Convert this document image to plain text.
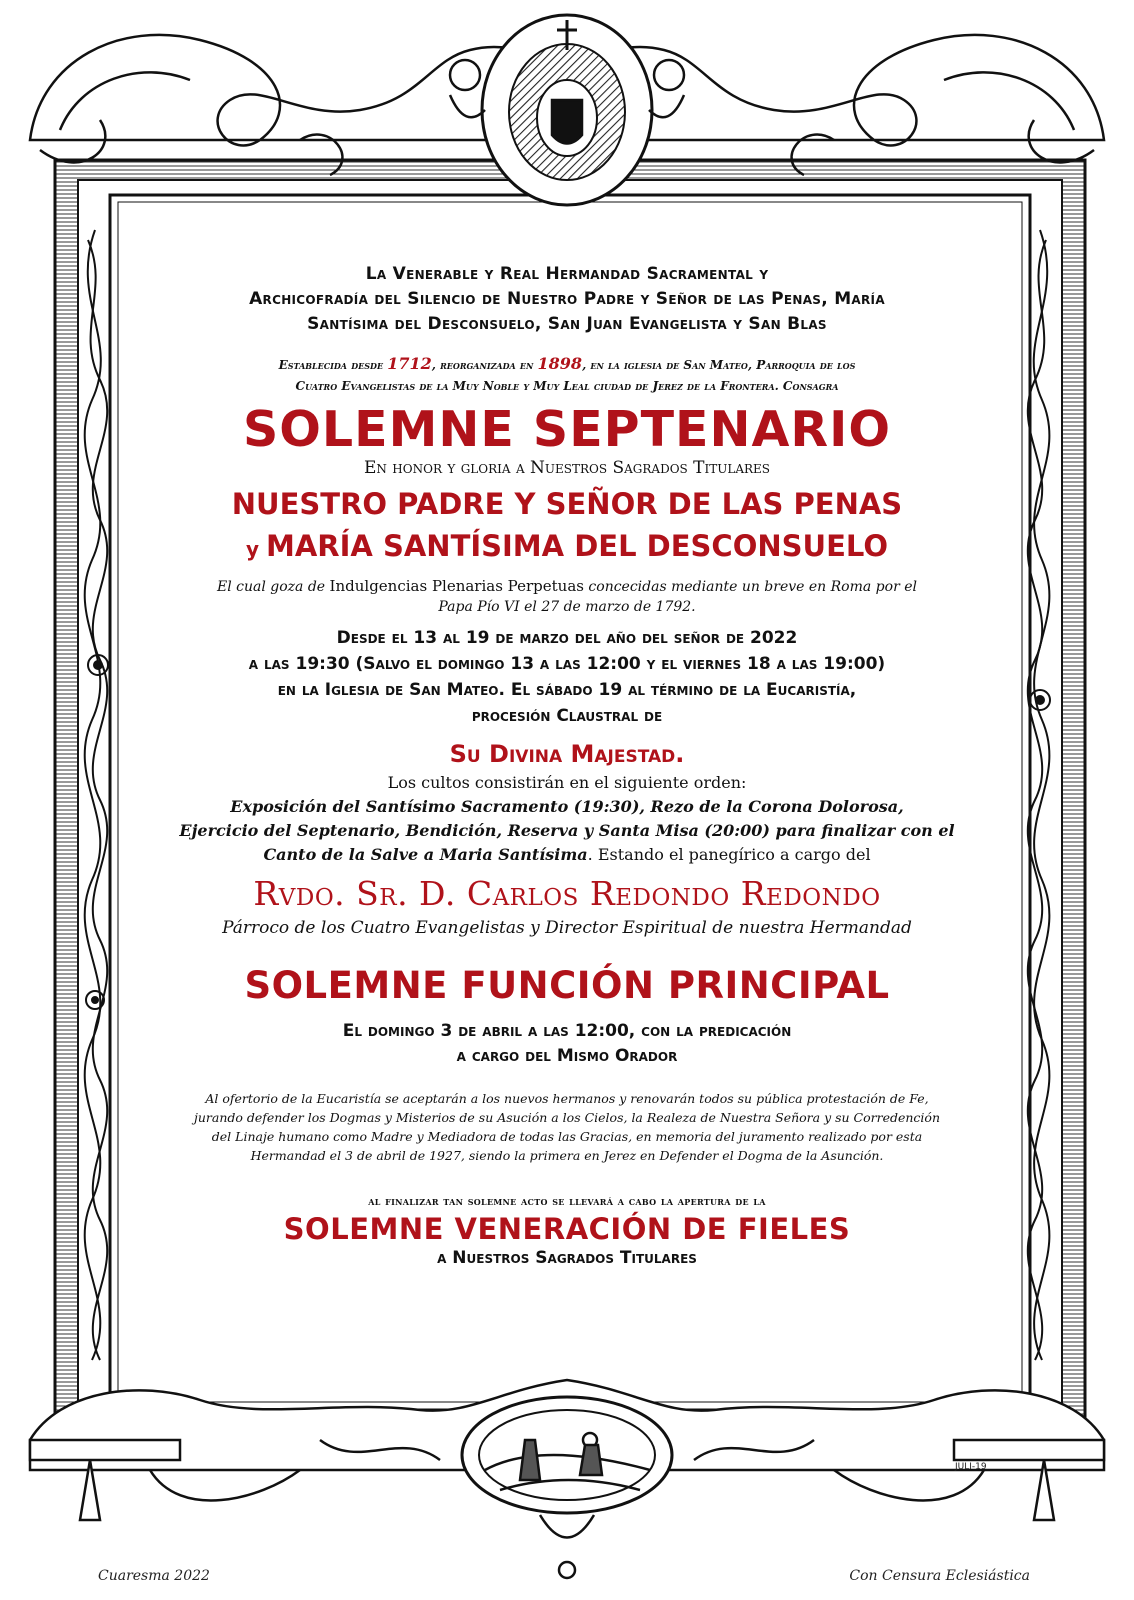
La Venerable y Real Hermandad Sacramental y
Archicofradía del Silencio de Nuestro Padre y Señor de las Penas, María
Santísima del Desconsuelo, San Juan Evangelista y San Blas
Establecida desde 1712, reorganizada en 1898, en la iglesia de San Mateo, Parroquia de los
Cuatro Evangelistas de la Muy Noble y Muy Leal ciudad de Jerez de la Frontera. Consagra
SOLEMNE SEPTENARIO
En honor y gloria a Nuestros Sagrados Titulares
NUESTRO PADRE Y SEÑOR DE LAS PENAS
y MARÍA SANTÍSIMA DEL DESCONSUELO
El cual goza de Indulgencias Plenarias Perpetuas concecidas mediante un breve en Roma por el
Papa Pío VI el 27 de marzo de 1792.
Desde el 13 al 19 de marzo del año del señor de 2022
a las 19:30 (Salvo el domingo 13 a las 12:00 y el viernes 18 a las 19:00)
en la Iglesia de San Mateo. El sábado 19 al término de la Eucaristía,
procesión Claustral de
Su Divina Majestad.
Los cultos consistirán en el siguiente orden:
Exposición del Santísimo Sacramento (19:30), Rezo de la Corona Dolorosa,
Ejercicio del Septenario, Bendición, Reserva y Santa Misa (20:00) para finalizar con el
Canto de la Salve a Maria Santísima. Estando el panegírico a cargo del
Rvdo. Sr. D. Carlos Redondo Redondo
Párroco de los Cuatro Evangelistas y Director Espiritual de nuestra Hermandad
SOLEMNE FUNCIÓN PRINCIPAL
El domingo 3 de abril a las 12:00, con la predicación
a cargo del Mismo Orador
Al ofertorio de la Eucaristía se aceptarán a los nuevos hermanos y renovarán todos su pública protestación de Fe,
jurando defender los Dogmas y Misterios de su Asución a los Cielos, la Realeza de Nuestra Señora y su Corredención
del Linaje humano como Madre y Mediadora de todas las Gracias, en memoria del juramento realizado por esta
Hermandad el 3 de abril de 1927, siendo la primera en Jerez en Defender el Dogma de la Asunción.
al finalizar tan solemne acto se llevará a cabo la apertura de la
SOLEMNE VENERACIÓN DE FIELES
a Nuestros Sagrados Titulares
JULI-19
Cuaresma 2022	Con Censura Eclesiástica
